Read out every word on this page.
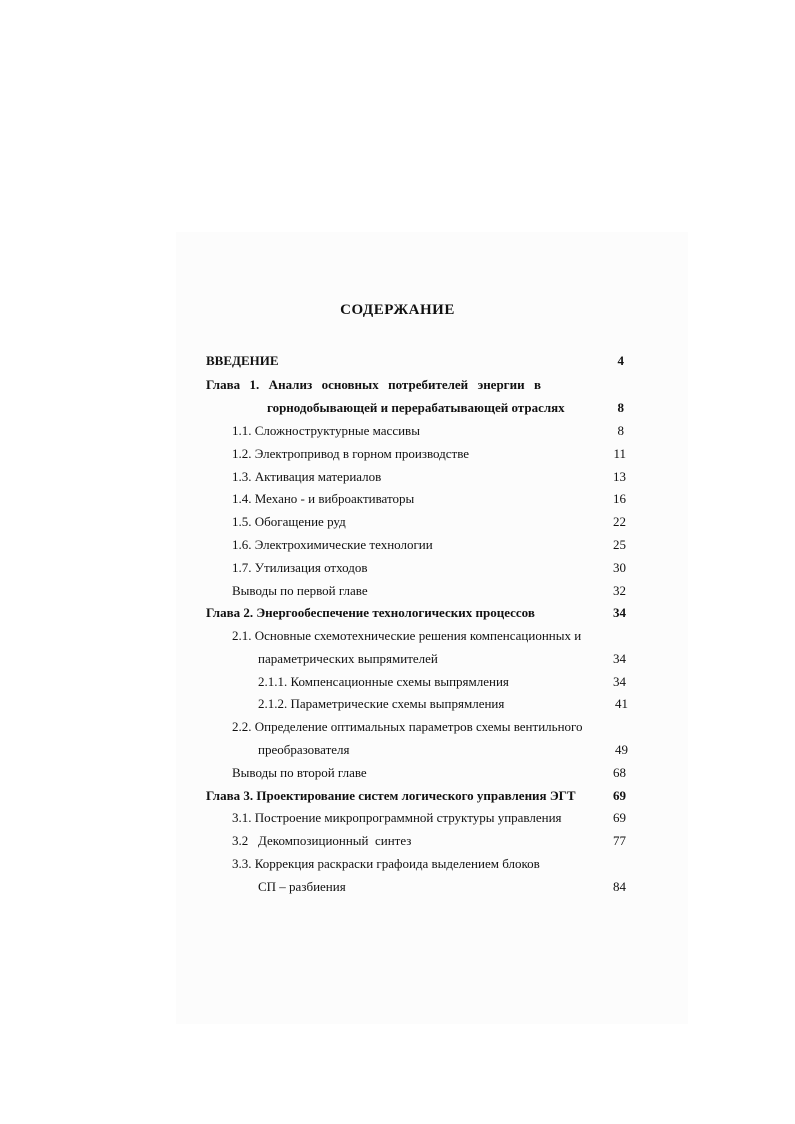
СОДЕРЖАНИЕ
ВВЕДЕНИЕ	4
Глава 1. Анализ основных потребителей энергии в
горнодобывающей и перерабатывающей отраслях	8
1.1. Сложноструктурные массивы	8
1.2. Электропривод в горном производстве	11
1.3. Активация материалов	13
1.4. Механо - и виброактиваторы	16
1.5. Обогащение руд	22
1.6. Электрохимические технологии	25
1.7. Утилизация отходов	30
Выводы по первой главе	32
Глава 2. Энергообеспечение технологических процессов	34
2.1. Основные схемотехнические решения компенсационных и
параметрических выпрямителей	34
2.1.1. Компенсационные схемы выпрямления	34
2.1.2. Параметрические схемы выпрямления	41
2.2. Определение оптимальных параметров схемы вентильного
преобразователя	49
Выводы по второй главе	68
Глава 3. Проектирование систем логического управления ЭГТ	69
3.1. Построение микропрограммной структуры управления	69
3.2   Декомпозиционный  синтез	77
3.3. Коррекция раскраски графоида выделением блоков
СП – разбиения	84
